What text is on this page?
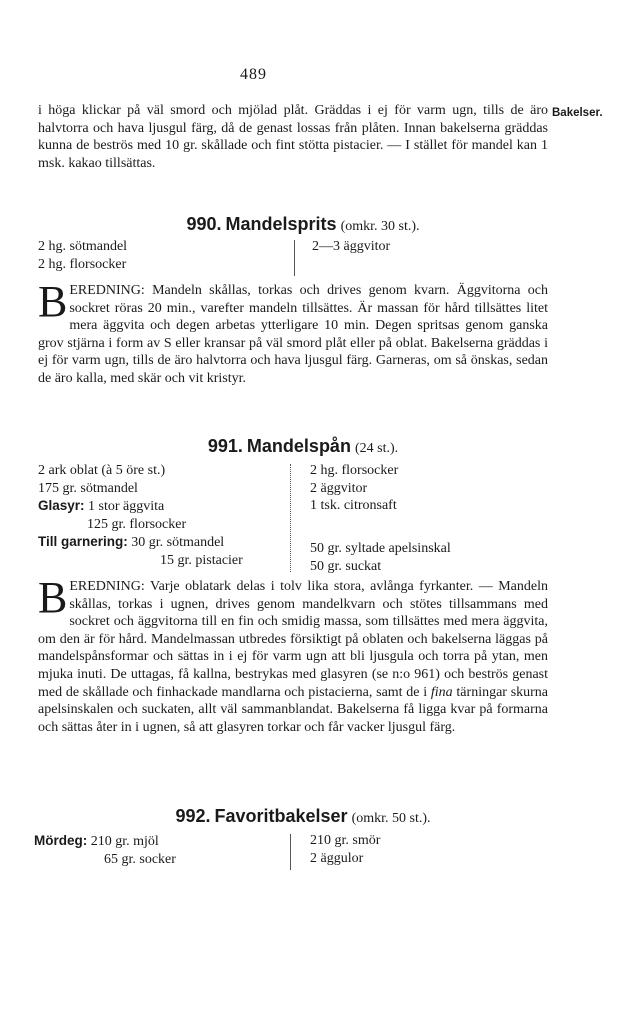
489
Bakelser.

i höga klickar på väl smord och mjölad plåt. Gräddas i ej för varm ugn, tills de äro halvtorra och hava ljusgul färg, då de genast lossas från plåten. Innan bakelserna gräddas kunna de beströs med 10 gr. skållade och fint stötta pistacier. — I stället för mandel kan 1 msk. kakao tillsättas.

990. Mandelsprits (omkr. 30 st.).
2 hg. sötmandel
2 hg. florsocker
2—3 äggvitor
BEREDNING: Mandeln skållas, torkas och drives genom kvarn. Äggvitorna och sockret röras 20 min., varefter mandeln tillsättes. Är massan för hård tillsättes litet mera äggvita och degen arbetas ytterligare 10 min. Degen spritsas genom ganska grov stjärna i form av S eller kransar på väl smord plåt eller på oblat. Bakelserna gräddas i ej för varm ugn, tills de äro halvtorra och hava ljusgul färg. Garneras, om så önskas, sedan de äro kalla, med skär och vit kristyr.
991. Mandelspån (24 st.).
2 ark oblat (à 5 öre st.)
175 gr. sötmandel
Glasyr: 1 stor äggvita
125 gr. florsocker
Till garnering: 30 gr. sötmandel
15 gr. pistacier
2 hg. florsocker
2 äggvitor
1 tsk. citronsaft
50 gr. syltade apelsinskal
50 gr. suckat
BEREDNING: Varje oblatark delas i tolv lika stora, avlånga fyrkanter. — Mandeln skållas, torkas i ugnen, drives genom mandelkvarn och stötes tillsammans med sockret och äggvitorna till en fin och smidig massa, som tillsättes med mera äggvita, om den är för hård. Mandelmassan utbredes försiktigt på oblaten och bakelserna läggas på mandelspånsformar och sättas in i ej för varm ugn att bli ljusgula och torra på ytan, men mjuka inuti. De uttagas, få kallna, bestrykas med glasyren (se n:o 961) och beströs genast med de skållade och finhackade mandlarna och pistacierna, samt de i fina tärningar skurna apelsinskalen och suckaten, allt väl sammanblandat. Bakelserna få ligga kvar på formarna och sättas åter in i ugnen, så att glasyren torkar och får vacker ljusgul färg.
992. Favoritbakelser (omkr. 50 st.).
Mördeg: 210 gr. mjöl
65 gr. socker
210 gr. smör
2 äggulor
